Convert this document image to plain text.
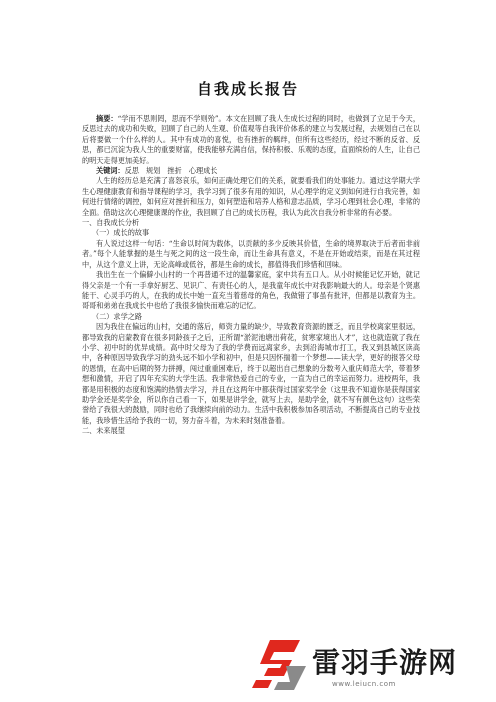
自我成长报告

摘要：“学而不思则罔，思而不学则殆”。本文在回顾了我人生成长过程的同时，也做到了立足于今天，反思过去的成功和失败，回顾了自己的人生观、价值观等自我评价体系的建立与发展过程，去规划自己在以后将要做一个什么样的人。其中有成功的喜悦，也有挫折的羁绊，但所有这些经历，经过不断的反省、反思，都已沉淀为我人生的重要财富，使我能够充满自信，保持积极、乐观的态度，直面缤纷的人生，让自己的明天走得更加美好。

关键词：反思　规划　挫折　心理成长

人生的经历总是充满了喜怒哀乐，如何正确处理它们的关系，就要看我们的处事能力。通过这学期大学生心理健康教育和指导课程的学习，我学习到了很多有用的知识，从心理学的定义到如何进行自我完善，如何进行情绪的调控，如何应对挫折和压力，如何塑造和培养人格和意志品质，学习心理到社会心理，非常的全面。借助这次心理健康课的作业，我回顾了自己的成长历程，我认为此次自我分析非常的有必要。

一、自我成长分析

（一）成长的故事

有人说过这样一句话：“生命以时间为载体，以贡献的多少反映其价值，生命的境界取决于后者而非前者。”每个人能掌握的是生与死之间的这一段生命，而让生命具有意义，不是在开始或结束，而是在其过程中，从这个意义上讲，无论高峰或低谷，都是生命的成长，都值得我们珍惜和回味。

我出生在一个偏僻小山村的一个再普通不过的温馨家庭，家中共有五口人。从小时候能记忆开始，就记得父亲是一个有一手拿好厨艺、见识广、有责任心的人，是我童年成长中对我影响最大的人。母亲是个贤惠能干、心灵手巧的人，在我的成长中她一直充当着慈母的角色，我做错了事虽有批评，但都是以教育为主。哥哥和弟弟在我成长中也给了我很多愉快而难忘的记忆。

（二）求学之路

因为我住在偏远的山村，交通的落后，师资力量的缺少，导致教育资源的匮乏，而且学校离家里很远，都导致我的启蒙教育在很多同龄孩子之后，正所谓“淤泥池塘出荷花，贫寒家境出人才”，这也就造就了我在小学、初中时的优异成绩。高中时父母为了我的学费而远离家乡，去到沿海城市打工，我又到县城区读高中，各种原因导致我学习的劲头远不如小学和初中，但是只因怀揣着一个梦想——读大学，更好的报答父母的恩情，在高中后期的努力拼搏，闯过重重困难后，终于以超出自己想象的分数考入重庆师范大学，带着梦想和激情，开启了四年充实的大学生活。我非常热爱自己的专业，一直为自己的幸运而努力。进校两年，我都是用积极的态度和饱满的热情去学习，并且在这两年中都获得过国家奖学金（这里我不知道你是获得国家助学金还是奖学金，所以你自己看一下，如果是讲学金，就写上去，是助学金，就不写有颜色这句）这些荣誉给了我很大的鼓励，同时也给了我继续向前的动力。生活中我积极参加各项活动，不断提高自己的专业技能，我珍惜生活给予我的一切，努力奋斗着，为未来时刻准备着。

二、未来展望

雷羽手游网
www.leiucn.com
